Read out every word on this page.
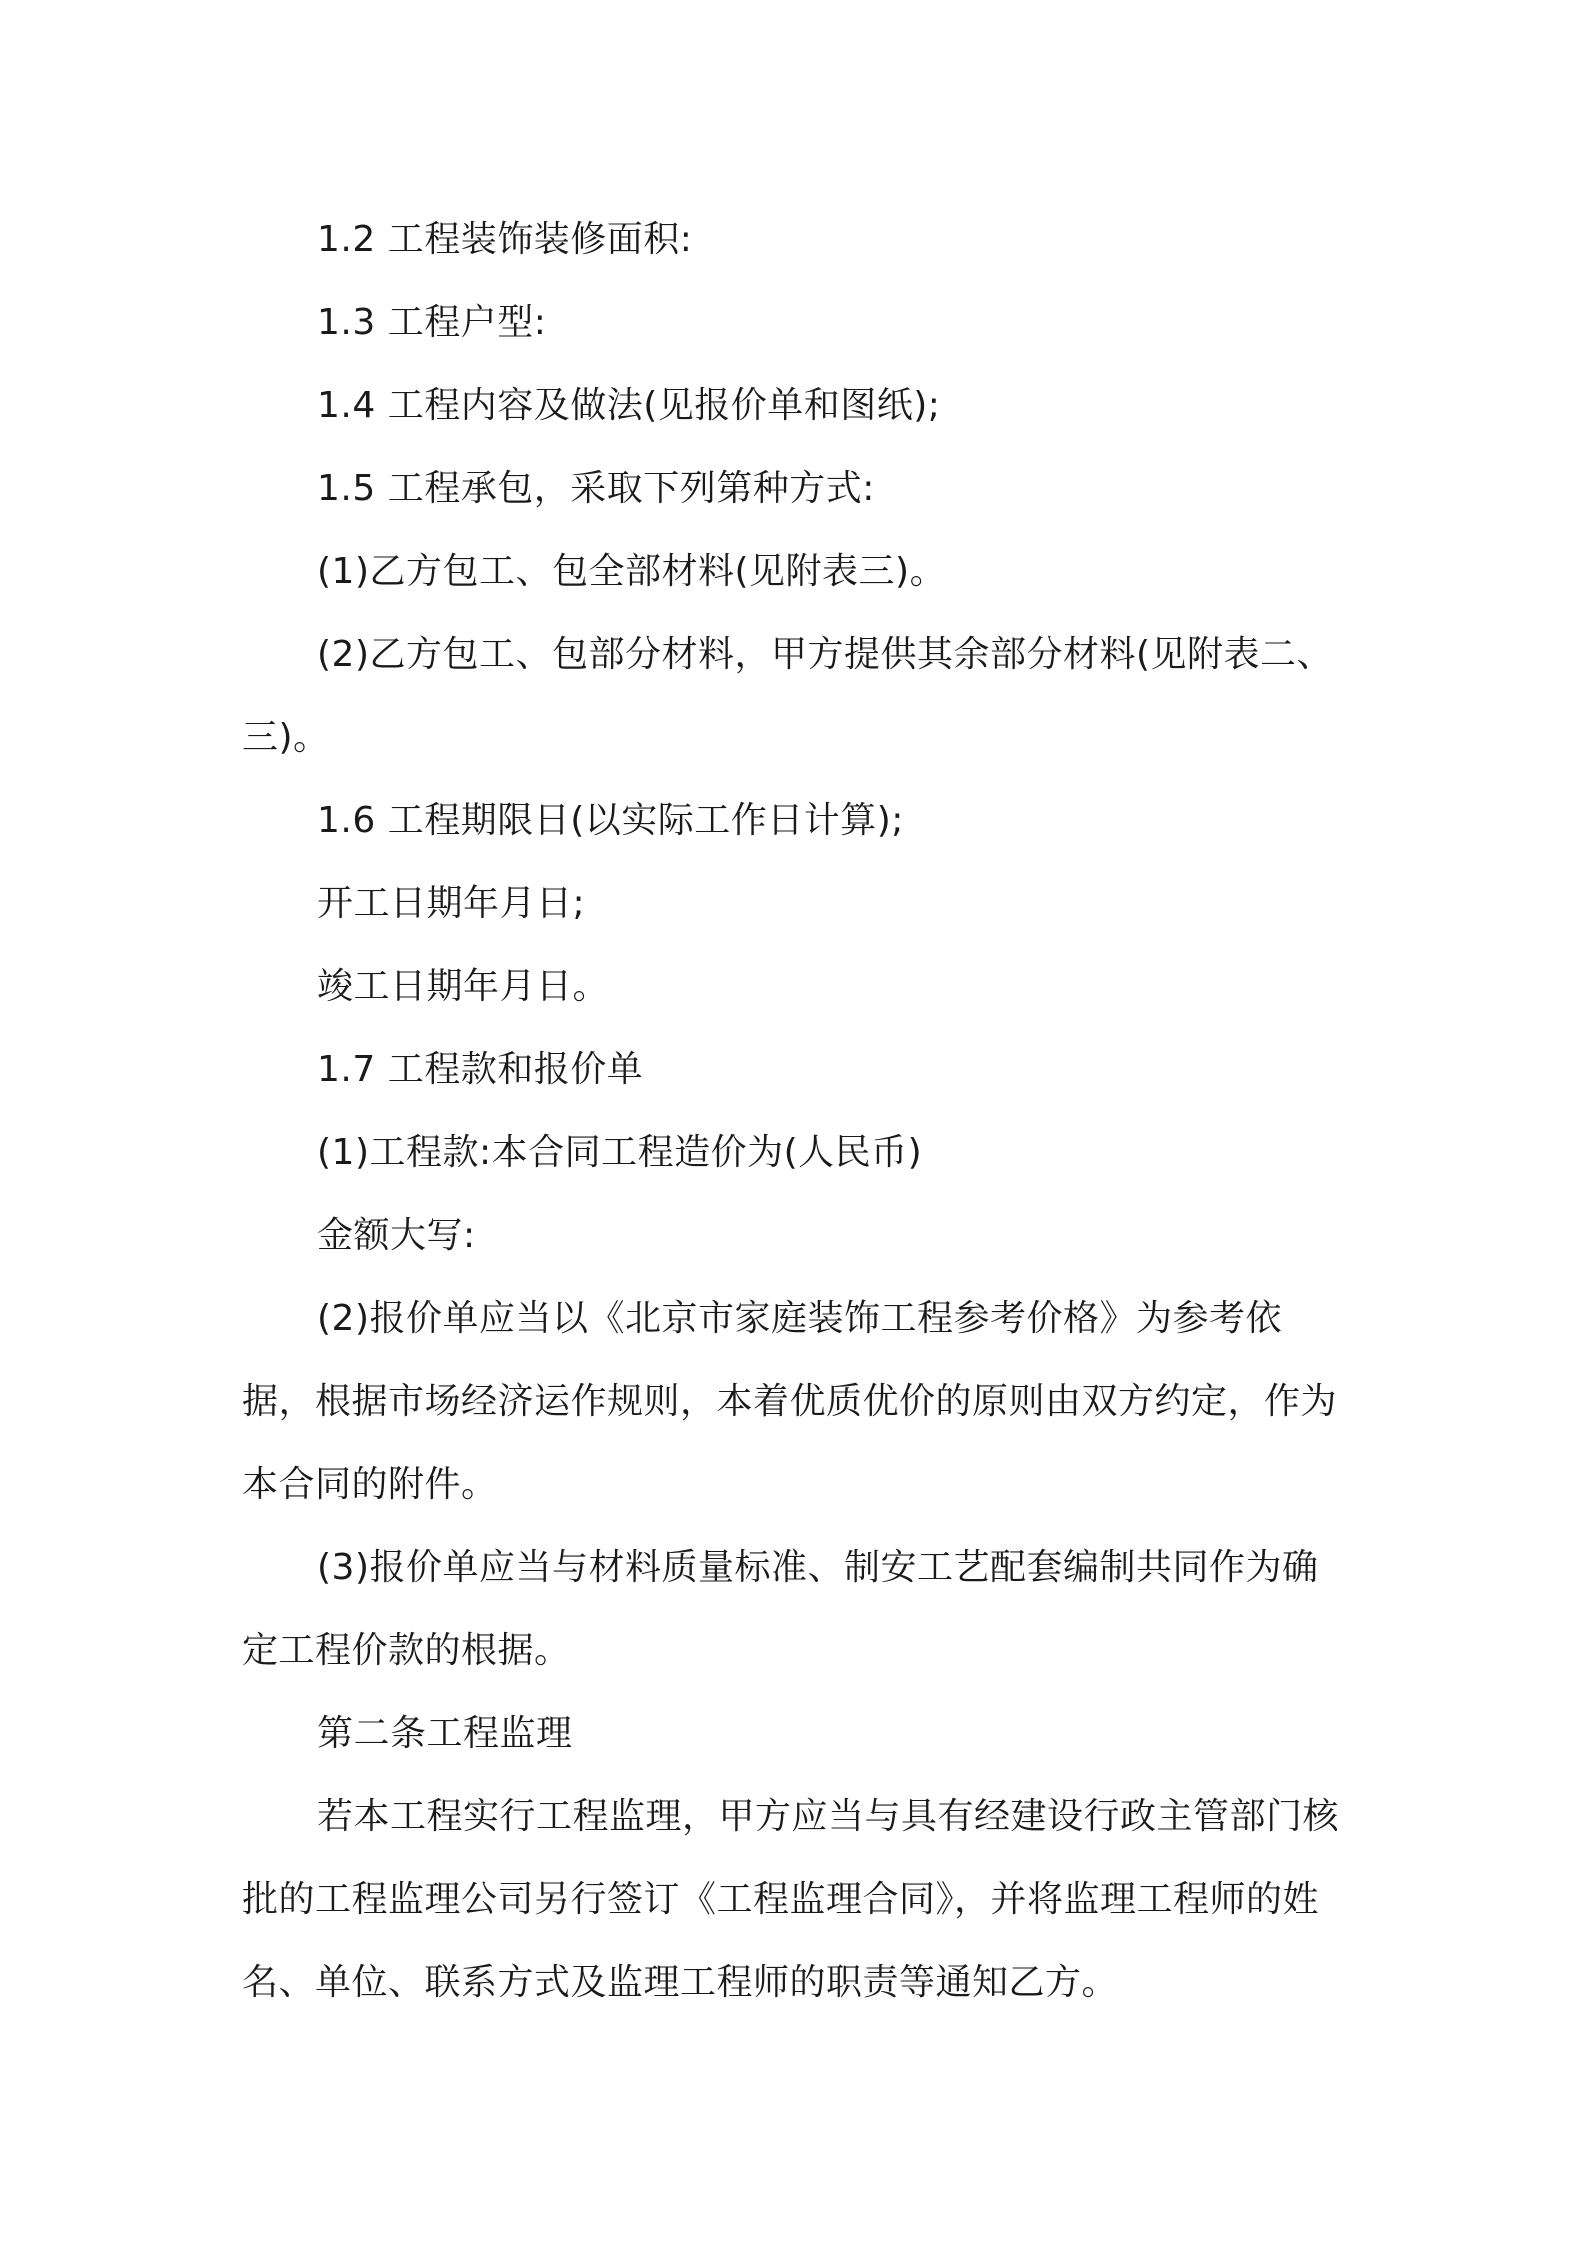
1.2 工程装饰装修面积:

1.3 工程户型:

1.4 工程内容及做法(见报价单和图纸);

1.5 工程承包，采取下列第种方式:

(1)乙方包工、包全部材料(见附表三)。

(2)乙方包工、包部分材料，甲方提供其余部分材料(见附表二、三)。

1.6 工程期限日(以实际工作日计算);

开工日期年月日;

竣工日期年月日。

1.7 工程款和报价单

(1)工程款:本合同工程造价为(人民币)

金额大写:

(2)报价单应当以《北京市家庭装饰工程参考价格》为参考依据，根据市场经济运作规则，本着优质优价的原则由双方约定，作为本合同的附件。

(3)报价单应当与材料质量标准、制安工艺配套编制共同作为确定工程价款的根据。

第二条工程监理

若本工程实行工程监理，甲方应当与具有经建设行政主管部门核批的工程监理公司另行签订《工程监理合同》，并将监理工程师的姓名、单位、联系方式及监理工程师的职责等通知乙方。
